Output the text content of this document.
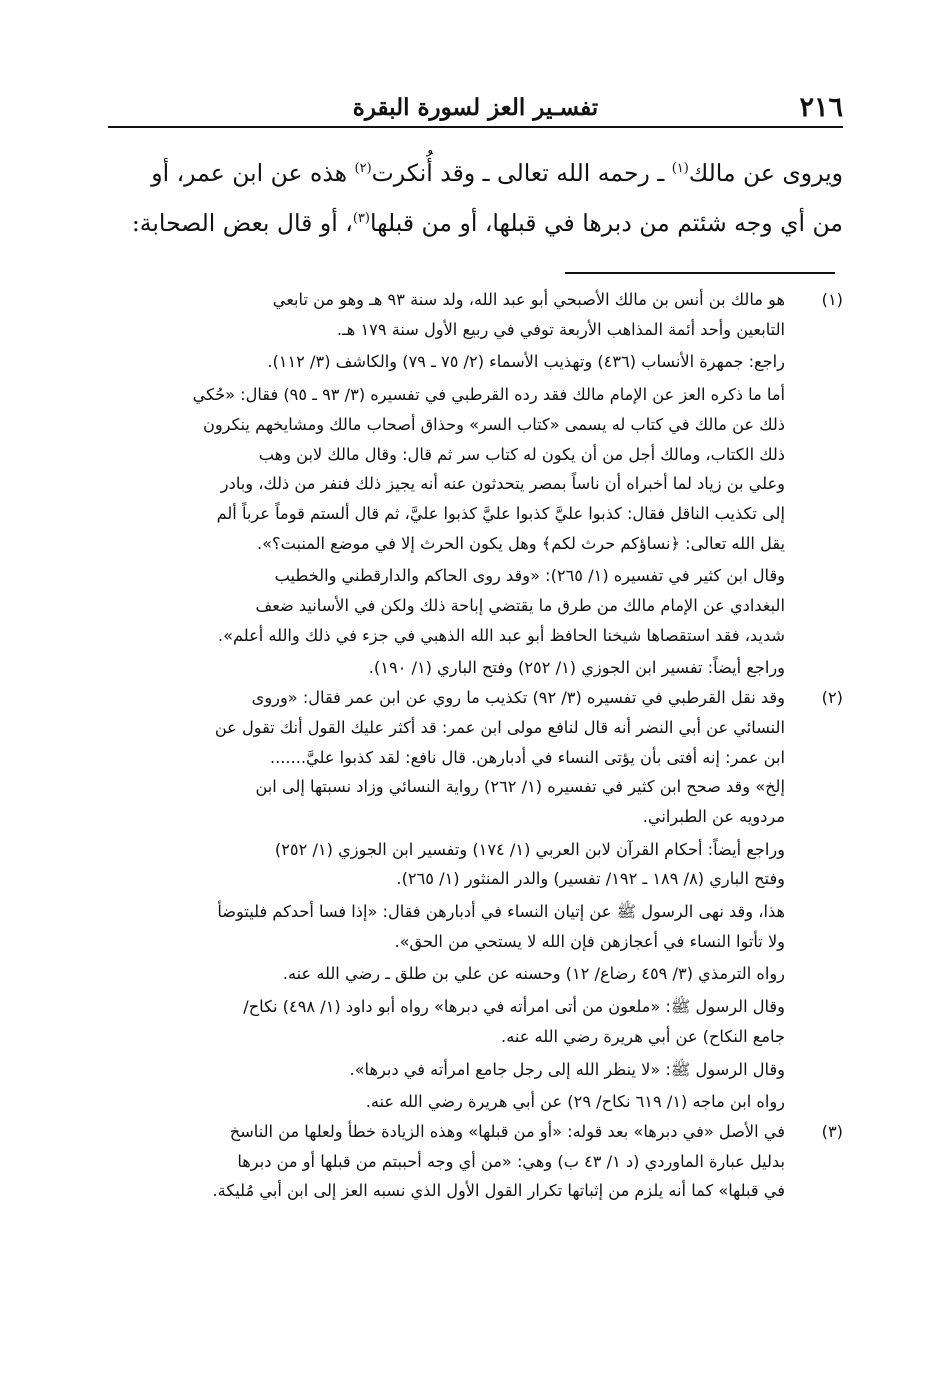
٢١٦
تفسـير العز لسورة البقرة
ويروى عن مالك$^{(١)}$ ـ رحمه الله تعالى ـ وقد أُنكرت$^{(٢)}$ هذه عن ابن عمر، أو
من أي وجه شئتم من دبرها في قبلها، أو من قبلها$^{(٣)}$، أو قال بعض الصحابة:
(١)
هو مالك بن أنس بن مالك الأصبحي أبو عبد الله، ولد سنة ٩٣ هـ وهو من تابعي
التابعين وأحد أئمة المذاهب الأربعة توفي في ربيع الأول سنة ١٧٩ هـ.
راجع: جمهرة الأنساب (٤٣٦) وتهذيب الأسماء (٢/ ٧٥ ـ ٧٩) والكاشف (٣/ ١١٢).
أما ما ذكره العز عن الإمام مالك فقد رده القرطبي في تفسيره (٣/ ٩٣ ـ ٩٥) فقال: «حُكي
ذلك عن مالك في كتاب له يسمى «كتاب السر» وحذاق أصحاب مالك ومشايخهم ينكرون
ذلك الكتاب، ومالك أجل من أن يكون له كتاب سر ثم قال: وقال مالك لابن وهب
وعلي بن زياد لما أخبراه أن ناساً بمصر يتحدثون عنه أنه يجيز ذلك فنفر من ذلك، وبادر
إلى تكذيب الناقل فقال: كذبوا عليَّ كذبوا عليَّ كذبوا عليَّ، ثم قال ألستم قوماً عرباً ألم
يقل الله تعالى: ﴿نساؤكم حرث لكم﴾ وهل يكون الحرث إلا في موضع المنبت؟».
وقال ابن كثير في تفسيره (١/ ٢٦٥): «وقد روى الحاكم والدارقطني والخطيب
البغدادي عن الإمام مالك من طرق ما يقتضي إباحة ذلك ولكن في الأسانيد ضعف
شديد، فقد استقصاها شيخنا الحافظ أبو عبد الله الذهبي في جزء في ذلك والله أعلم».
وراجع أيضاً: تفسير ابن الجوزي (١/ ٢٥٢) وفتح الباري (١/ ١٩٠).
(٢)
وقد نقل القرطبي في تفسيره (٣/ ٩٢) تكذيب ما روي عن ابن عمر فقال: «وروى
النسائي عن أبي النضر أنه قال لنافع مولى ابن عمر: قد أكثر عليك القول أنك تقول عن
ابن عمر: إنه أفتى بأن يؤتى النساء في أدبارهن. قال نافع: لقد كذبوا عليَّ.......
إلخ» وقد صحح ابن كثير في تفسيره (١/ ٢٦٢) رواية النسائي وزاد نسبتها إلى ابن
مردويه عن الطبراني.
وراجع أيضاً: أحكام القرآن لابن العربي (١/ ١٧٤) وتفسير ابن الجوزي (١/ ٢٥٢)
وفتح الباري (٨/ ١٨٩ ـ ١٩٢/ تفسير) والدر المنثور (١/ ٢٦٥).
هذا، وقد نهى الرسول ﷺ عن إتيان النساء في أدبارهن فقال: «إذا فسا أحدكم فليتوضأ
ولا تأتوا النساء في أعجازهن فإن الله لا يستحي من الحق».
رواه الترمذي (٣/ ٤٥٩ رضاع/ ١٢) وحسنه عن علي بن طلق ـ رضي الله عنه.
وقال الرسول ﷺ: «ملعون من أتى امرأته في دبرها» رواه أبو داود (١/ ٤٩٨) نكاح/
جامع النكاح) عن أبي هريرة رضي الله عنه.
وقال الرسول ﷺ: «لا ينظر الله إلى رجل جامع امرأته في دبرها».
رواه ابن ماجه (١/ ٦١٩ نكاح/ ٢٩) عن أبي هريرة رضي الله عنه.
(٣)
في الأصل «في دبرها» بعد قوله: «أو من قبلها» وهذه الزيادة خطأ ولعلها من الناسخ
بدليل عبارة الماوردي (د ١/ ٤٣ ب) وهي: «من أي وجه أحببتم من قبلها أو من دبرها
في قبلها» كما أنه يلزم من إثباتها تكرار القول الأول الذي نسبه العز إلى ابن أبي مُليكة.
